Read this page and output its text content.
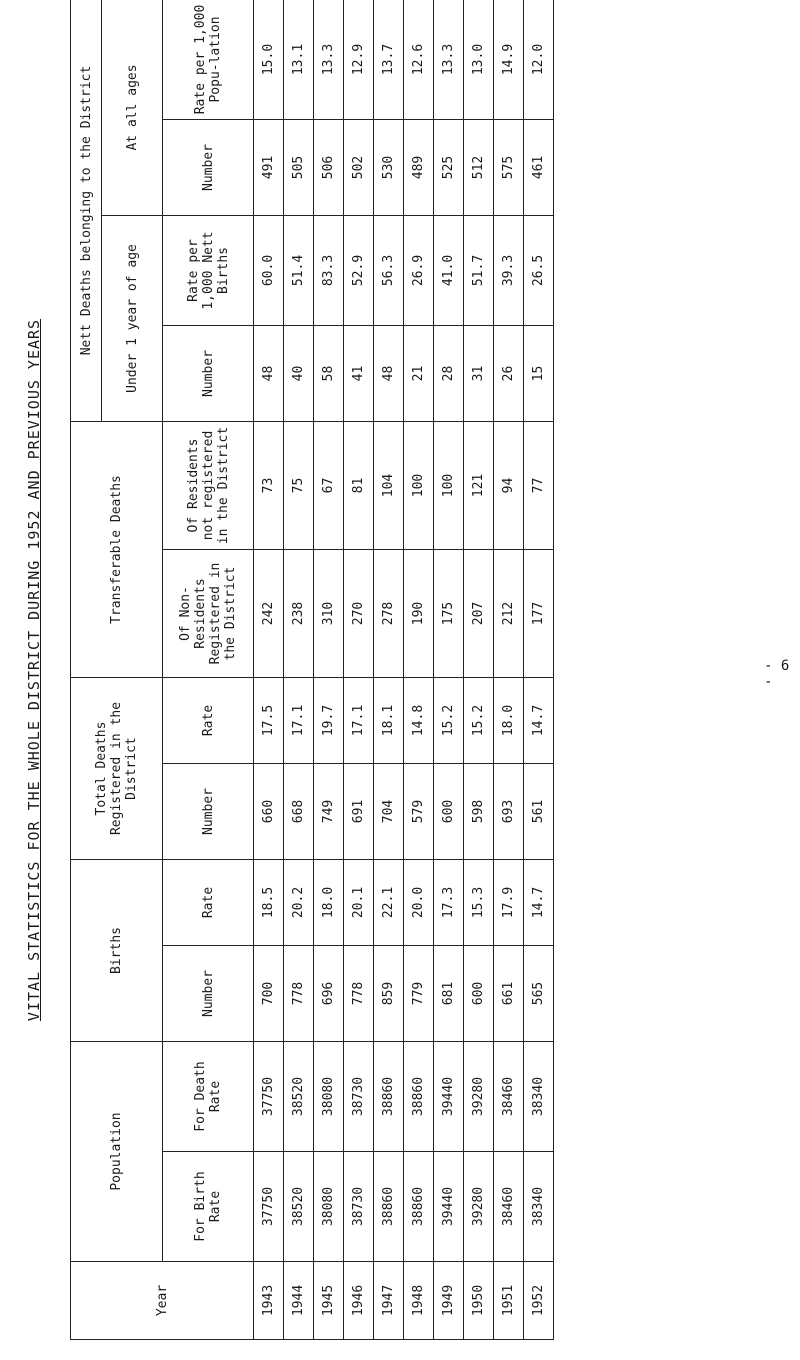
VITAL STATISTICS FOR THE WHOLE DISTRICT DURING 1952 AND PREVIOUS YEARS
Year	Population		Births		Total Deaths Registered in the District		Transferable Deaths		Nett Deaths belonging to the District			
									Under 1 year of age		At all ages	
	For Birth Rate	For Death Rate	Number	Rate	Number	Rate	Of Non-Residents Registered in the District	Of Residents not registered in the District	Number	Rate per 1,000 Nett Births	Number	Rate per 1,000 Popu-lation
1943	37750	37750	700	18.5	660	17.5	242	73	48	60.0	491	15.0
1944	38520	38520	778	20.2	668	17.1	238	75	40	51.4	505	13.1
1945	38080	38080	696	18.0	749	19.7	310	67	58	83.3	506	13.3
1946	38730	38730	778	20.1	691	17.1	270	81	41	52.9	502	12.9
1947	38860	38860	859	22.1	704	18.1	278	104	48	56.3	530	13.7
1948	38860	38860	779	20.0	579	14.8	190	100	21	26.9	489	12.6
1949	39440	39440	681	17.3	600	15.2	175	100	28	41.0	525	13.3
1950	39280	39280	600	15.3	598	15.2	207	121	31	51.7	512	13.0
1951	38460	38460	661	17.9	693	18.0	212	94	26	39.3	575	14.9
1952	38340	38340	565	14.7	561	14.7	177	77	15	26.5	461	12.0
- 6 -
